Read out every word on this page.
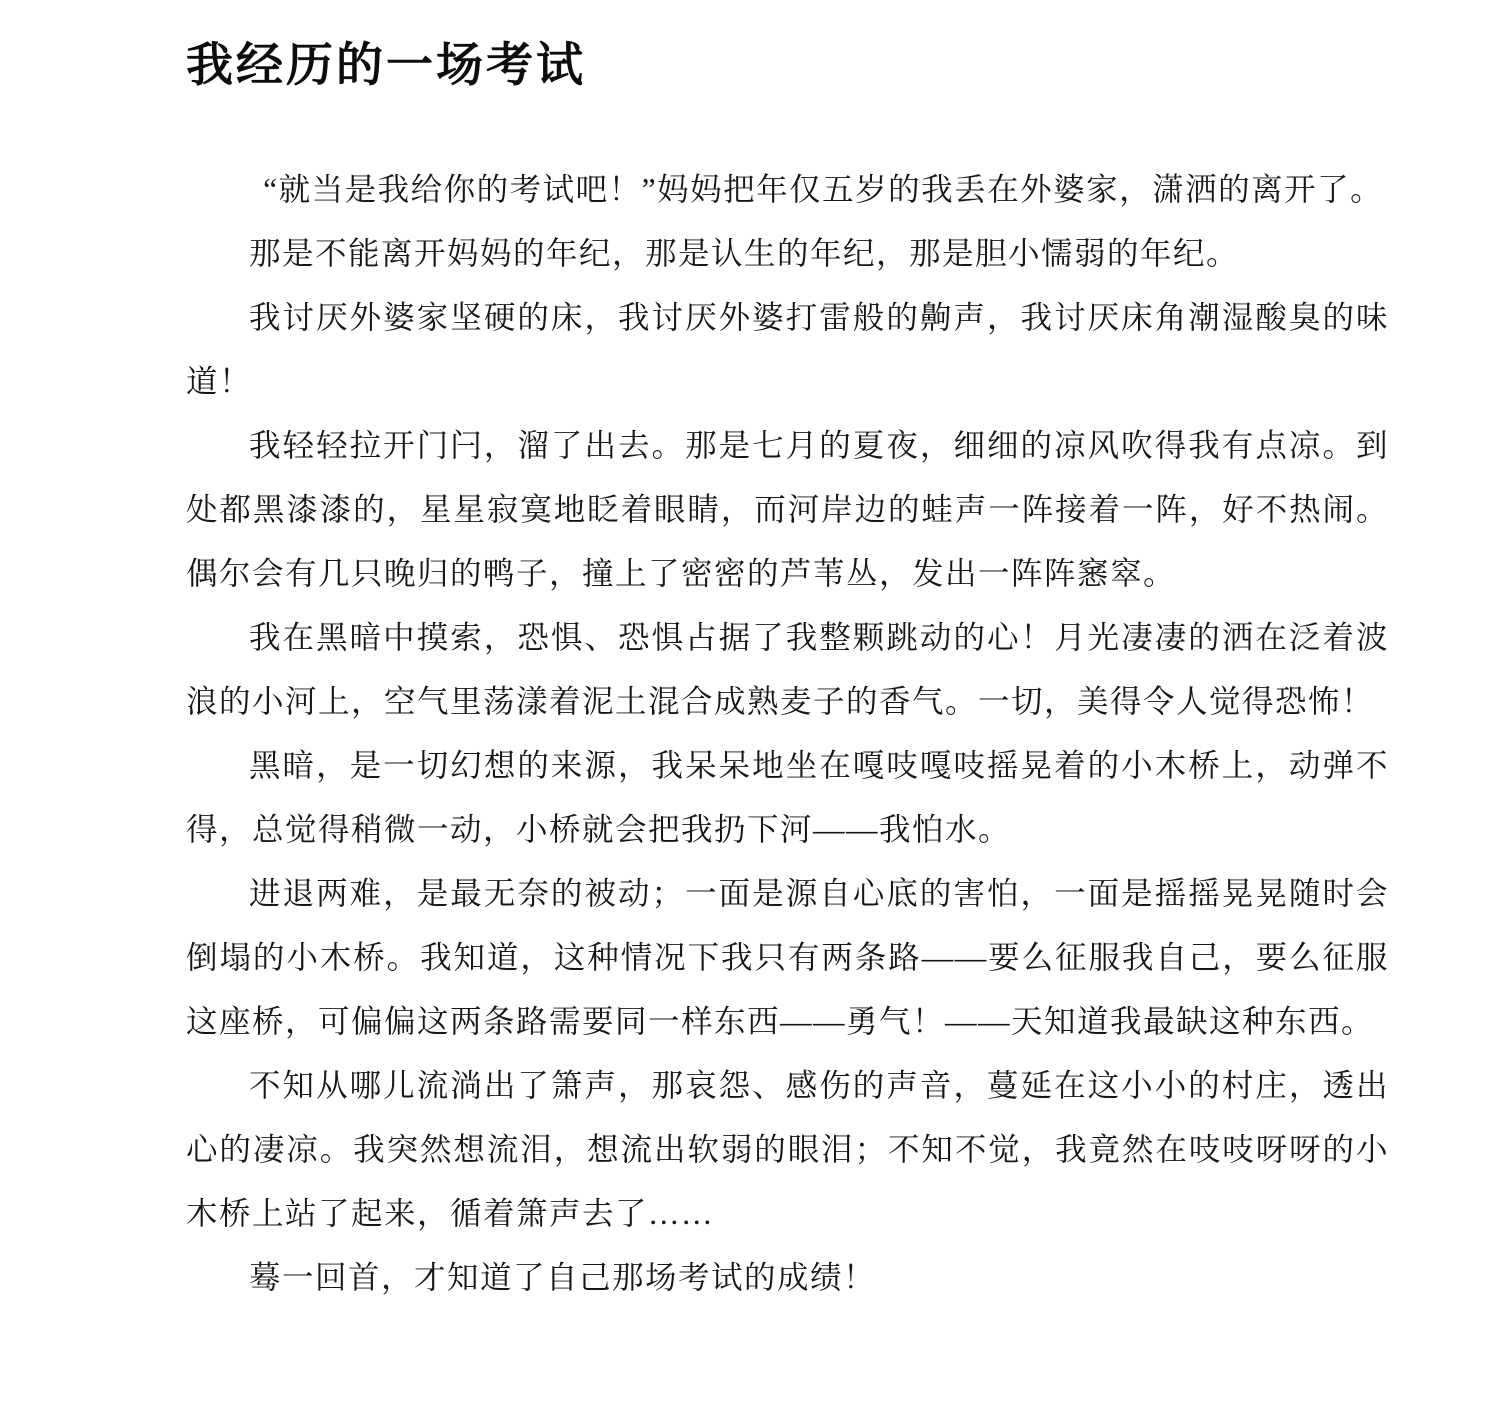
我经历的一场考试

“就当是我给你的考试吧！”妈妈把年仅五岁的我丢在外婆家，潇洒的离开了。

那是不能离开妈妈的年纪，那是认生的年纪，那是胆小懦弱的年纪。

我讨厌外婆家坚硬的床，我讨厌外婆打雷般的齁声，我讨厌床角潮湿酸臭的味道！

我轻轻拉开门闩，溜了出去。那是七月的夏夜，细细的凉风吹得我有点凉。到处都黑漆漆的，星星寂寞地眨着眼睛，而河岸边的蛙声一阵接着一阵，好不热闹。偶尔会有几只晚归的鸭子，撞上了密密的芦苇丛，发出一阵阵窸窣。

我在黑暗中摸索，恐惧、恐惧占据了我整颗跳动的心！月光凄凄的洒在泛着波浪的小河上，空气里荡漾着泥土混合成熟麦子的香气。一切，美得令人觉得恐怖！

黑暗，是一切幻想的来源，我呆呆地坐在嘎吱嘎吱摇晃着的小木桥上，动弹不得，总觉得稍微一动，小桥就会把我扔下河——我怕水。

进退两难，是最无奈的被动；一面是源自心底的害怕，一面是摇摇晃晃随时会倒塌的小木桥。我知道，这种情况下我只有两条路——要么征服我自己，要么征服这座桥，可偏偏这两条路需要同一样东西——勇气！——天知道我最缺这种东西。

不知从哪儿流淌出了箫声，那哀怨、感伤的声音，蔓延在这小小的村庄，透出心的凄凉。我突然想流泪，想流出软弱的眼泪；不知不觉，我竟然在吱吱呀呀的小木桥上站了起来，循着箫声去了……

蓦一回首，才知道了自己那场考试的成绩！
